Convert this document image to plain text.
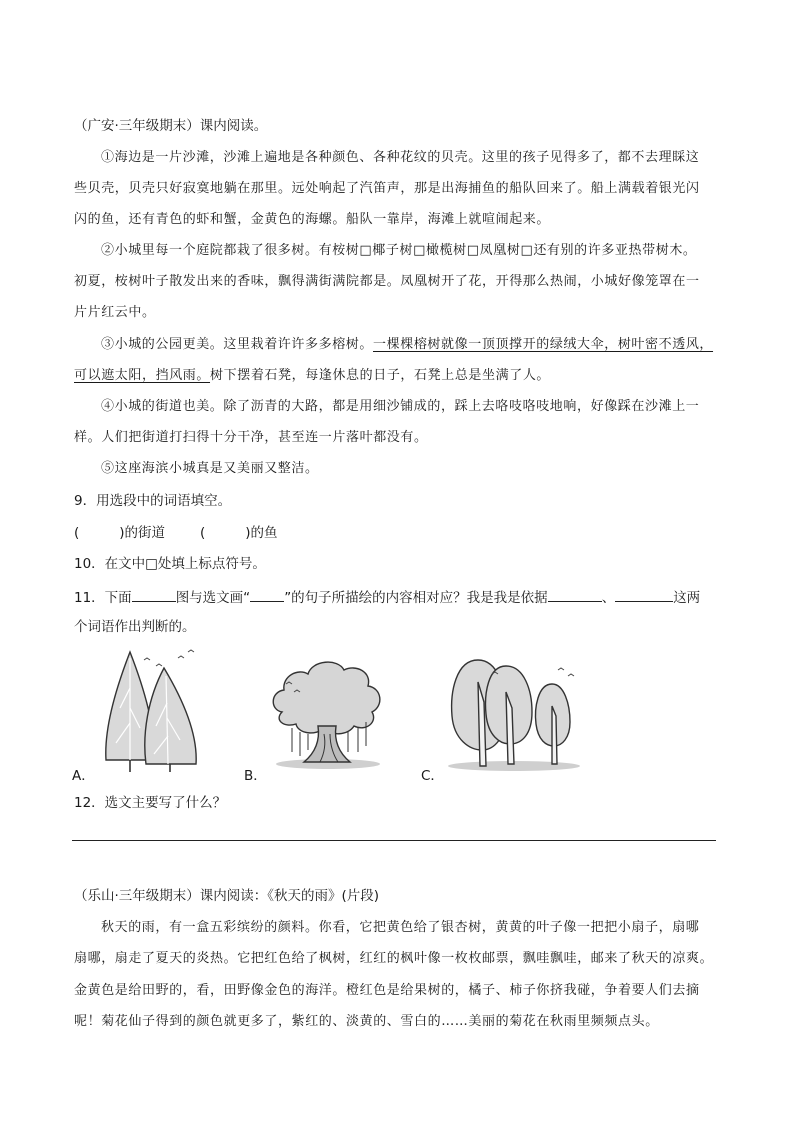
（广安·三年级期末）课内阅读。
①海边是一片沙滩，沙滩上遍地是各种颜色、各种花纹的贝壳。这里的孩子见得多了，都不去理睬这
些贝壳，贝壳只好寂寞地躺在那里。远处响起了汽笛声，那是出海捕鱼的船队回来了。船上满载着银光闪
闪的鱼，还有青色的虾和蟹，金黄色的海螺。船队一靠岸，海滩上就喧闹起来。
②小城里每一个庭院都栽了很多树。有桉树□椰子树□橄榄树□凤凰树□还有别的许多亚热带树木。
初夏，桉树叶子散发出来的香味，飘得满街满院都是。凤凰树开了花，开得那么热闹，小城好像笼罩在一
片片红云中。
③小城的公园更美。这里栽着许许多多榕树。一棵棵榕树就像一顶顶撑开的绿绒大伞，树叶密不透风，
可以遮太阳，挡风雨。树下摆着石凳，每逢休息的日子，石凳上总是坐满了人。
④小城的街道也美。除了沥青的大路，都是用细沙铺成的，踩上去咯吱咯吱地响，好像踩在沙滩上一
样。人们把街道打扫得十分干净，甚至连一片落叶都没有。
⑤这座海滨小城真是又美丽又整洁。
9．用选段中的词语填空。
(	)的街道	(	)的鱼
10．在文中□处填上标点符号。
11．下面	图与选文画“	”的句子所描绘的内容相对应？我是我是依据	、	这两
个词语作出判断的。
A．	B．	C．
12．选文主要写了什么？
（乐山·三年级期末）课内阅读：《秋天的雨》(片段)
秋天的雨，有一盒五彩缤纷的颜料。你看，它把黄色给了银杏树，黄黄的叶子像一把把小扇子，扇哪
扇哪，扇走了夏天的炎热。它把红色给了枫树，红红的枫叶像一枚枚邮票，飘哇飘哇，邮来了秋天的凉爽。
金黄色是给田野的，看，田野像金色的海洋。橙红色是给果树的，橘子、柿子你挤我碰，争着要人们去摘
呢！菊花仙子得到的颜色就更多了，紫红的、淡黄的、雪白的……美丽的菊花在秋雨里频频点头。
